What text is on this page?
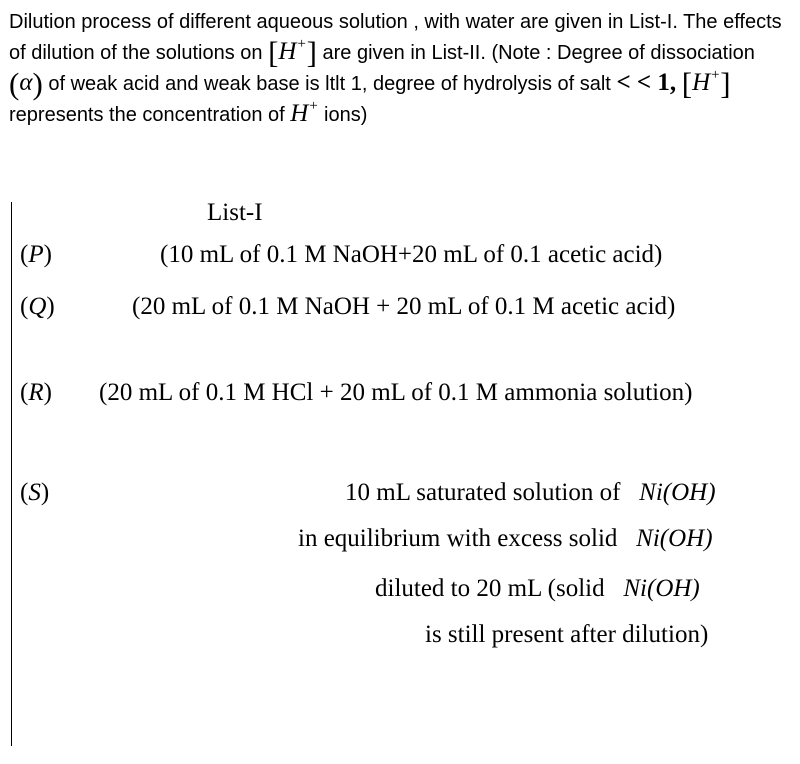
Dilution process of different aqueous solution , with water are given in List-I. The effects of dilution of the solutions on [H+] are given in List-II. (Note : Degree of dissociation (α) of weak acid and weak base is ltlt 1, degree of hydrolysis of salt < < 1, [H+] represents the concentration of H+ ions)
List-I
(P)	(10 mL of 0.1 M NaOH+20 mL of 0.1 acetic acid)
(Q)	(20 mL of 0.1 M NaOH + 20 mL of 0.1 M acetic acid)
(R) (20 mL of 0.1 M HCl + 20 mL of 0.1 M ammonia solution)
(S)	10 mL saturated solution of Ni(OH)
in equilibrium with excess solid Ni(OH)
diluted to 20 mL (solid Ni(OH)
is still present after dilution)
